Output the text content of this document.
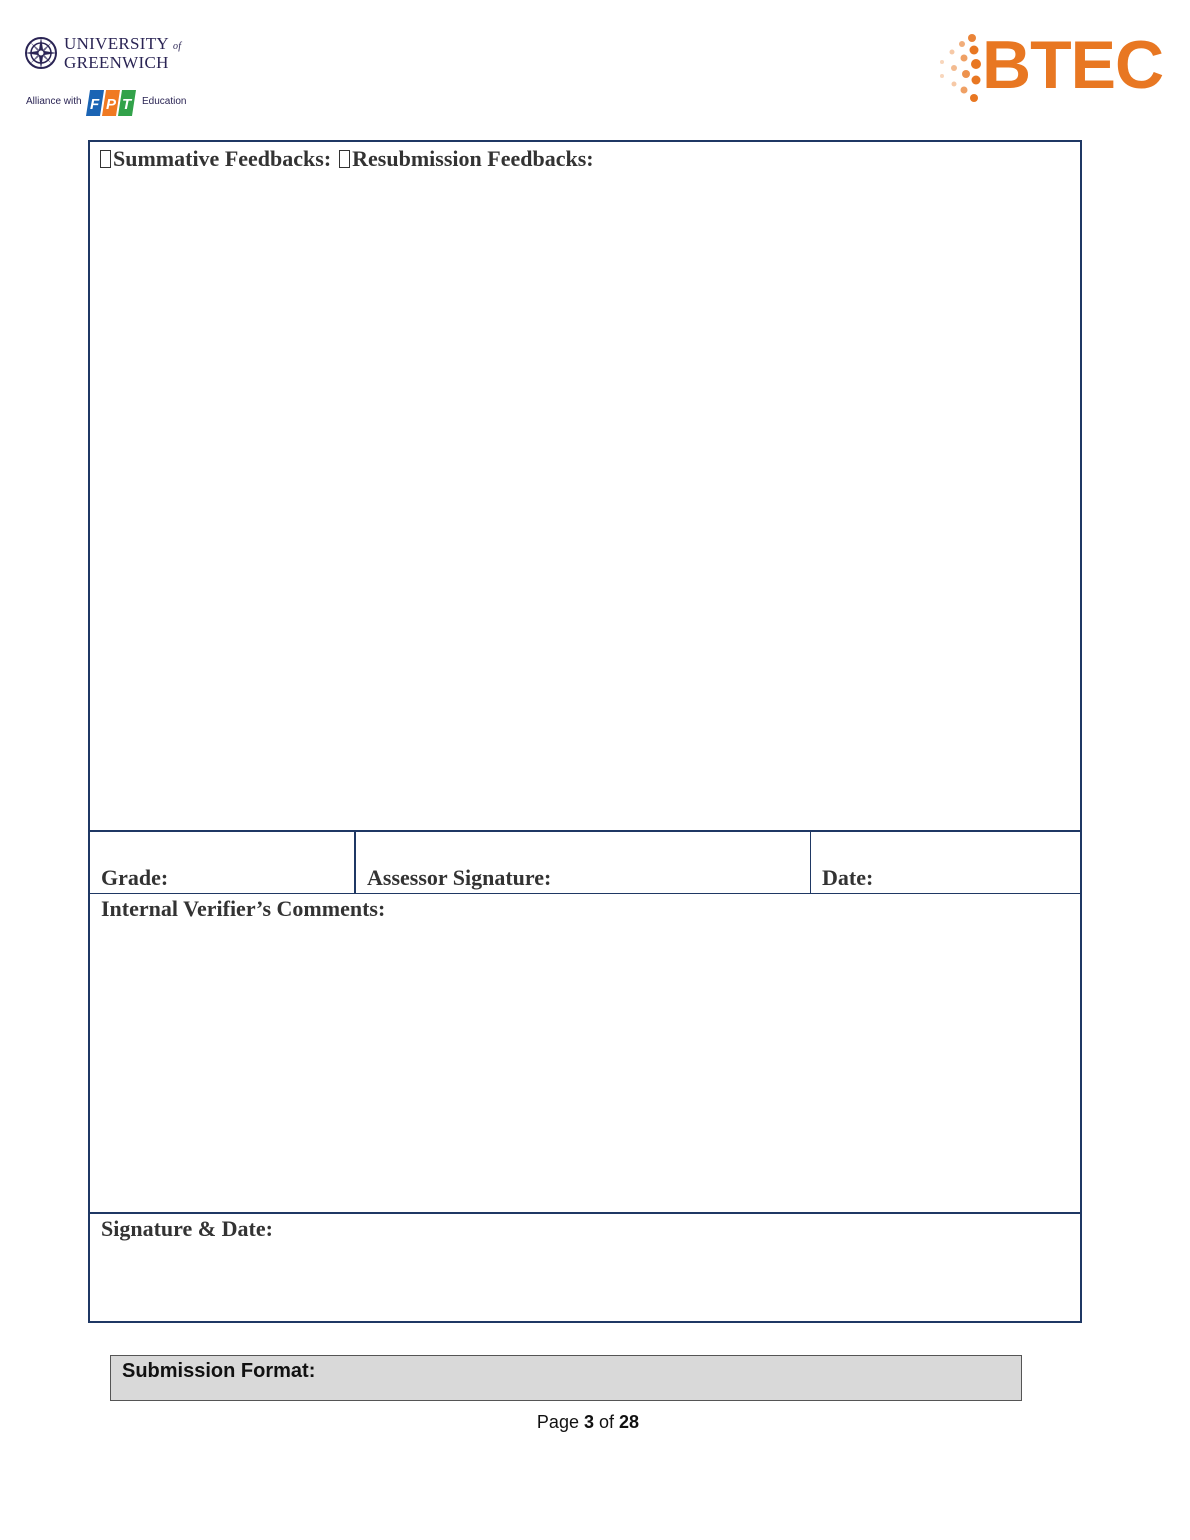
UNIVERSITY of
GREENWICH
Alliance with F P T Education	BTEC
Summative Feedbacks: Resubmission Feedbacks:
Grade:	Assessor Signature:	Date:
Internal Verifier’s Comments:
Signature & Date:
Submission Format:
Page 3 of 28
